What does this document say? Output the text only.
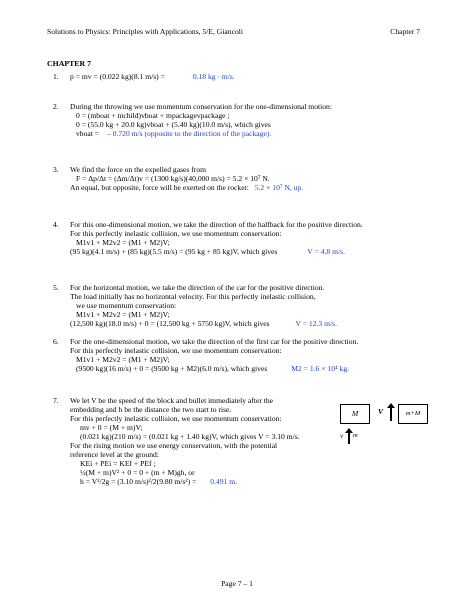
Solutions to Physics: Principles with Applications, 5/E, Giancoli	Chapter 7
CHAPTER 7
1. p = mv = (0.022 kg)(8.1 m/s) =	0.18 kg · m/s.
2. During the throwing we use momentum conservation for the one-dimensional motion:
0 = (mboat + mchild)vboat + mpackagevpackage ;
0 = (55.0 kg + 20.0 kg)vboat + (5.40 kg)(10.0 m/s), which gives
vboat = – 0.720 m/s (opposite to the direction of the package).
3. We find the force on the expelled gases from
F = Δp/Δt = (Δm/Δt)v = (1300 kg/s)(40,000 m/s) = 5.2 × 10⁷ N.
An equal, but opposite, force will be exerted on the rocket: 5.2 × 10⁷ N, up.
4. For this one-dimensional motion, we take the direction of the halfback for the positive direction.
For this perfectly inelastic collision, we use momentum conservation:
M1v1 + M2v2 = (M1 + M2)V;
(95 kg)(4.1 m/s) + (85 kg)(5.5 m/s) = (95 kg + 85 kg)V, which gives	V = 4.8 m/s.
5. For the horizontal motion, we take the direction of the car for the positive direction.
The load initially has no horizontal velocity. For this perfectly inelastic collision,
we use momentum conservation:
M1v1 + M2v2 = (M1 + M2)V;
(12,500 kg)(18.0 m/s) + 0 = (12,500 kg + 5750 kg)V, which gives	V = 12.3 m/s.
6. For the one-dimensional motion, we take the direction of the first car for the positive direction.
For this perfectly inelastic collision, we use momentum conservation:
M1v1 + M2v2 = (M1 + M2)V;
(9500 kg)(16 m/s) + 0 = (9500 kg + M2)(6.0 m/s), which gives	M2 = 1.6 × 10⁴ kg.
7. We let V be the speed of the block and bullet immediately after the
embedding and h be the distance the two start to rise.
For this perfectly inelastic collision, we use momentum conservation:
mv + 0 = (M + m)V;
(0.021 kg)(210 m/s) = (0.021 kg + 1.40 kg)V, which gives V = 3.10 m/s.
For the rising motion we use energy conservation, with the potential
reference level at the ground:
KEi + PEi = KEf + PEf ;
½(M + m)V² + 0 = 0 + (m + M)gh, or
h = V²/2g = (3.10 m/s)²/2(9.80 m/s²) = 0.491 m.
M	V	m+M
v m
Page 7 – 1
